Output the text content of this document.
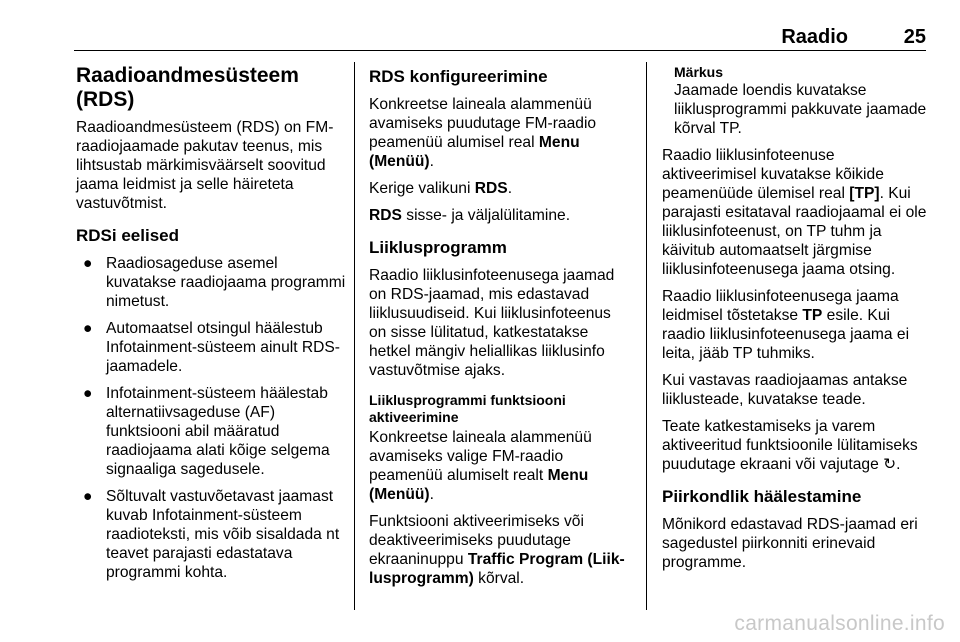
Raadio	25
Raadioandmesüsteem (RDS)

Raadioandmesüsteem (RDS) on FM-raadiojaamade pakutav teenus, mis lihtsustab märkimisväärselt soovitud jaama leidmist ja selle häireteta vastuvõtmist.

RDSi eelised
● Raadiosageduse asemel kuvatakse raadiojaama programmi nimetust.
● Automaatsel otsingul häälestub Infotainment-süsteem ainult RDS-jaamadele.
● Infotainment-süsteem häälestab alternatiivsageduse (AF) funktsiooni abil määratud raadiojaama alati kõige selgema signaaliga sagedusele.
● Sõltuvalt vastuvõetavast jaamast kuvab Infotainment-süsteem raadioteksti, mis võib sisaldada nt teavet parajasti edastatava programmi kohta.
RDS konfigureerimine

Konkreetse laineala alammenüü avamiseks puudutage FM-raadio peamenüü alumisel real Menu (Menüü).

Kerige valikuni RDS.

RDS sisse- ja väljalülitamine.

Liiklusprogramm

Raadio liiklusinfoteenusega jaamad on RDS-jaamad, mis edastavad liiklusuudiseid. Kui liiklusinfoteenus on sisse lülitatud, katkestatakse hetkel mängiv heliallikas liiklusinfo vastuvõtmise ajaks.

Liiklusprogrammi funktsiooni aktiveerimine

Konkreetse laineala alammenüü avamiseks valige FM-raadio peamenüü alumiselt realt Menu (Menüü).

Funktsiooni aktiveerimiseks või deaktiveerimiseks puudutage ekraaninuppu Traffic Program (Liik-lusprogramm) kõrval.

Märkus

Jaamade loendis kuvatakse liiklusprogrammi pakkuvate jaamade kõrval TP.

Raadio liiklusinfoteenuse aktiveerimisel kuvatakse kõikide peamenüüde ülemisel real [TP]. Kui parajasti esitataval raadiojaamal ei ole liiklusinfoteenust, on TP tuhm ja käivitub automaatselt järgmise liiklusinfoteenusega jaama otsing.

Raadio liiklusinfoteenusega jaama leidmisel tõstetakse TP esile. Kui raadio liiklusinfoteenusega jaama ei leita, jääb TP tuhmiks.

Kui vastavas raadiojaamas antakse liiklusteade, kuvatakse teade.

Teate katkestamiseks ja varem aktiveeritud funktsioonile lülitamiseks puudutage ekraani või vajutage ↻.

Piirkondlik häälestamine

Mõnikord edastavad RDS-jaamad eri sagedustel piirkonniti erinevaid programme.

carmanualsonline.info
